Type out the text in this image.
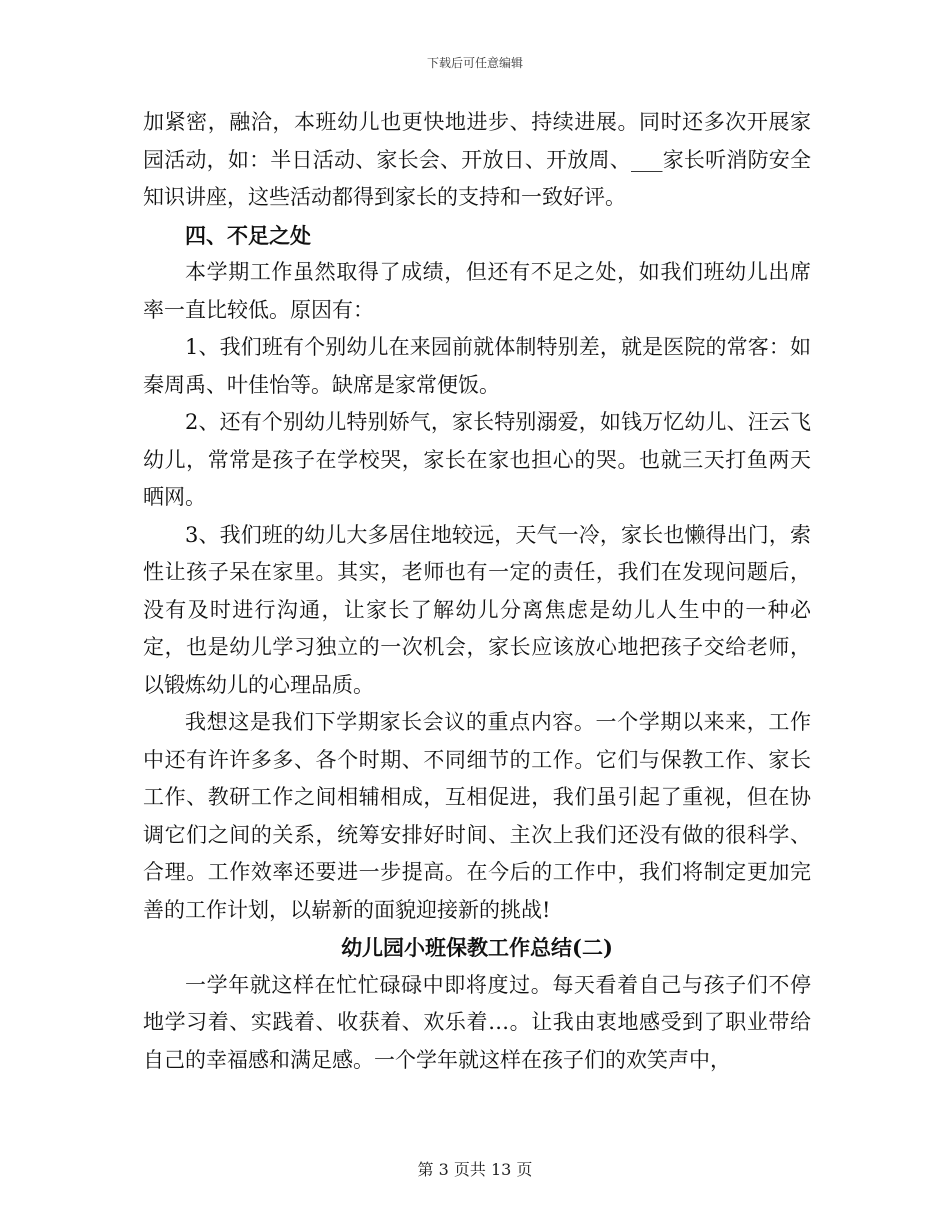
下载后可任意编辑

加紧密，融洽，本班幼儿也更快地进步、持续进展。同时还多次开展家园活动，如：半日活动、家长会、开放日、开放周、___家长听消防安全知识讲座，这些活动都得到家长的支持和一致好评。

四、不足之处

本学期工作虽然取得了成绩，但还有不足之处，如我们班幼儿出席率一直比较低。原因有：

1、我们班有个别幼儿在来园前就体制特别差，就是医院的常客：如秦周禹、叶佳怡等。缺席是家常便饭。

2、还有个别幼儿特别娇气，家长特别溺爱，如钱万忆幼儿、汪云飞幼儿，常常是孩子在学校哭，家长在家也担心的哭。也就三天打鱼两天晒网。

3、我们班的幼儿大多居住地较远，天气一冷，家长也懒得出门，索性让孩子呆在家里。其实，老师也有一定的责任，我们在发现问题后，没有及时进行沟通，让家长了解幼儿分离焦虑是幼儿人生中的一种必定，也是幼儿学习独立的一次机会，家长应该放心地把孩子交给老师，以锻炼幼儿的心理品质。

我想这是我们下学期家长会议的重点内容。一个学期以来来，工作中还有许许多多、各个时期、不同细节的工作。它们与保教工作、家长工作、教研工作之间相辅相成，互相促进，我们虽引起了重视，但在协调它们之间的关系，统筹安排好时间、主次上我们还没有做的很科学、合理。工作效率还要进一步提高。在今后的工作中，我们将制定更加完善的工作计划，以崭新的面貌迎接新的挑战!

幼儿园小班保教工作总结(二)

一学年就这样在忙忙碌碌中即将度过。每天看着自己与孩子们不停地学习着、实践着、收获着、欢乐着…。让我由衷地感受到了职业带给自己的幸福感和满足感。一个学年就这样在孩子们的欢笑声中，

第 3 页共 13 页
